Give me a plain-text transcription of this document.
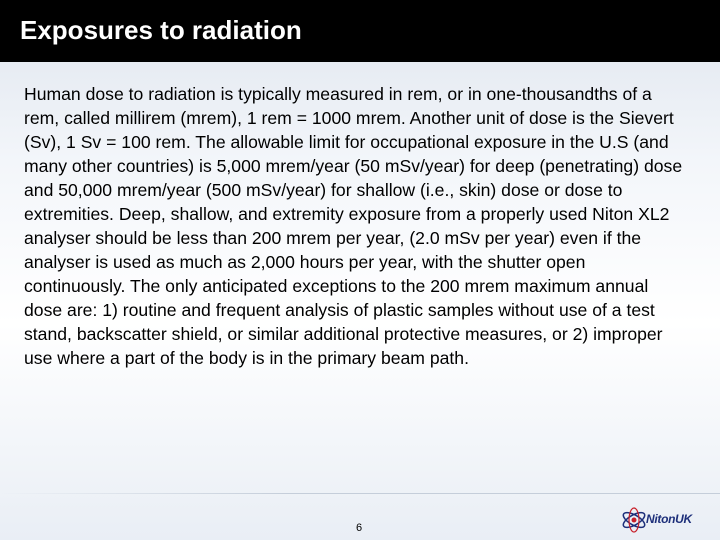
Exposures to radiation

Human dose to radiation is typically measured in rem, or in one-thousandths of a rem, called millirem (mrem), 1 rem = 1000 mrem. Another unit of dose is the Sievert (Sv), 1 Sv = 100 rem. The allowable limit for occupational exposure in the U.S (and many other countries) is 5,000 mrem/year (50 mSv/year) for deep (penetrating) dose and 50,000 mrem/year (500 mSv/year) for shallow (i.e., skin) dose or dose to extremities. Deep, shallow, and extremity exposure from a properly used Niton XL2 analyser should be less than 200 mrem per year, (2.0 mSv per year) even if the analyser is used as much as 2,000 hours per year, with the shutter open continuously. The only anticipated exceptions to the 200 mrem maximum annual dose are: 1) routine and frequent analysis of plastic samples without use of a test stand, backscatter shield, or similar additional protective measures, or 2) improper use where a part of the body is in the primary beam path.

6
NitonUK
